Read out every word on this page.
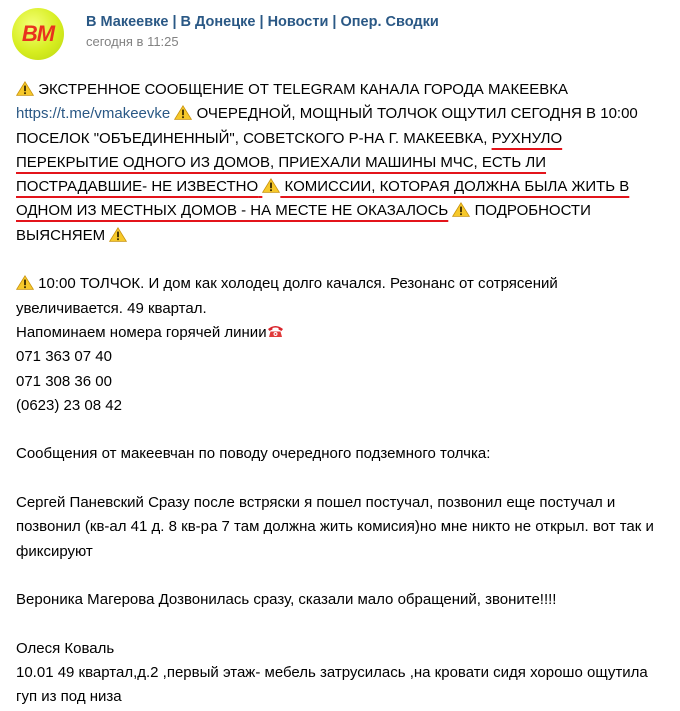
ВМ В Макеевке | В Донецке | Новости | Опер. Сводки
сегодня в 11:25

ЭКСТРЕННОЕ СООБЩЕНИЕ ОТ TELEGRAM КАНАЛА ГОРОДА МАКЕЕВКА https://t.me/vmakeevke ОЧЕРЕДНОЙ, МОЩНЫЙ ТОЛЧОК ОЩУТИЛ СЕГОДНЯ В 10:00 ПОСЕЛОК "ОБЪЕДИНЕННЫЙ", СОВЕТСКОГО Р-НА Г. МАКЕЕВКА, РУХНУЛО ПЕРЕКРЫТИЕ ОДНОГО ИЗ ДОМОВ, ПРИЕХАЛИ МАШИНЫ МЧС, ЕСТЬ ЛИ ПОСТРАДАВШИЕ- НЕ ИЗВЕСТНО КОМИССИИ, КОТОРАЯ ДОЛЖНА БЫЛА ЖИТЬ В ОДНОМ ИЗ МЕСТНЫХ ДОМОВ - НА МЕСТЕ НЕ ОКАЗАЛОСЬ ПОДРОБНОСТИ ВЫЯСНЯЕМ

10:00 ТОЛЧОК. И дом как холодец долго качался. Резонанс от сотрясений увеличивается. 49 квартал.

Напоминаем номера горячей линии

071 363 07 40

071 308 36 00

(0623) 23 08 42

Сообщения от макеевчан по поводу очередного подземного толчка:

Сергей Паневский Сразу после встряски я пошел постучал, позвонил еще постучал и позвонил (кв-ал 41 д. 8 кв-ра 7 там должна жить комисия)но мне никто не открыл. вот так и фиксируют

Вероника Магерова Дозвонилась сразу, сказали мало обращений, звоните!!!!

Олеся Коваль

10.01 49 квартал,д.2 ,первый этаж- мебель затрусилась ,на кровати сидя хорошо ощутила гуп из под низа
